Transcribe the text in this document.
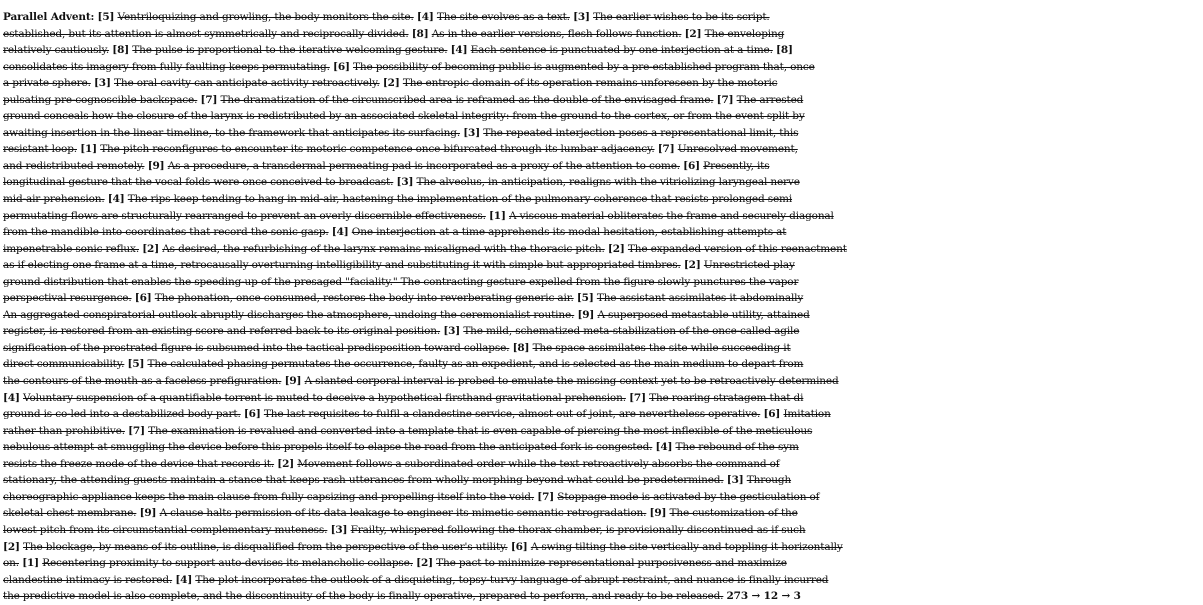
Parallel Advent: [5] Ventriloquizing and growling, the body monitors the site. [4] The site evolves as a text. [3] The earlier wishes to be its script.
established, but its attention is almost symmetrically and reciprocally divided. [8] As in the earlier versions, flesh follows function. [2] The enveloping
relatively cautiously. [8] The pulse is proportional to the iterative welcoming gesture. [4] Each sentence is punctuated by one interjection at a time. [8]
consolidates its imagery from fully faulting keeps permutating. [6] The possibility of becoming public is augmented by a pre-established program that, once
a private sphere. [3] The oral cavity can anticipate activity retroactively. [2] The entropic domain of its operation remains unforeseen by the motoric
pulsating pre-cognoscible backspace. [7] The dramatization of the circumscribed area is reframed as the double of the envisaged frame. [7] The arrested
ground conceals how the closure of the larynx is redistributed by an associated skeletal integrity: from the ground to the cortex, or from the event split by
awaiting insertion in the linear timeline, to the framework that anticipates its surfacing. [3] The repeated interjection poses a representational limit, this
resistant loop. [1] The pitch reconfigures to encounter its motoric competence once bifurcated through its lumbar adjacency. [7] Unresolved movement,
and redistributed remotely. [9] As a procedure, a transdermal permeating pad is incorporated as a proxy of the attention to come. [6] Presently, its
longitudinal gesture that the vocal folds were once conceived to broadcast. [3] The alveolus, in anticipation, realigns with the vitriolizing laryngeal nerve
mid-air prehension. [4] The rips keep tending to hang in mid-air, hastening the implementation of the pulmonary coherence that resists prolonged semi
permutating flows are structurally rearranged to prevent an overly discernible effectiveness. [1] A viscous material obliterates the frame and securely diagonal
from the mandible into coordinates that record the sonic gasp. [4] One interjection at a time apprehends its modal hesitation, establishing attempts at
impenetrable sonic reflux. [2] As desired, the refurbishing of the larynx remains misaligned with the thoracic pitch. [2] The expanded version of this reenactment
as if electing one frame at a time, retrocausally overturning intelligibility and substituting it with simple but appropriated timbres. [2] Unrestricted play
ground distribution that enables the speeding-up of the presaged "faciality." The contracting gesture expelled from the figure slowly punctures the vapor
perspectival resurgence. [6] The phonation, once consumed, restores the body into reverberating generic air. [5] The assistant assimilates it abdominally
An aggregated conspiratorial outlook abruptly discharges the atmosphere, undoing the ceremonialist routine. [9] A superposed metastable utility, attained
register, is restored from an existing score and referred back to its original position. [3] The mild, schematized meta-stabilization of the once-called agile
signification of the prostrated figure is subsumed into the tactical predisposition toward collapse. [8] The space assimilates the site while succeeding it
direct communicability. [5] The calculated phasing permutates the occurrence, faulty as an expedient, and is selected as the main medium to depart from
the contours of the mouth as a faceless prefiguration. [9] A slanted corporal interval is probed to emulate the missing context yet to be retroactively determined
[4] Voluntary suspension of a quantifiable torrent is muted to deceive a hypothetical firsthand gravitational prehension. [7] The roaring stratagem that di
ground is co-led into a destabilized body part. [6] The last requisites to fulfil a clandestine service, almost out of joint, are nevertheless operative. [6] Imitation
rather than prohibitive. [7] The examination is revalued and converted into a template that is even capable of piercing the most inflexible of the meticulous
nebulous attempt at smuggling the device before this propels itself to elapse the road from the anticipated fork is congested. [4] The rebound of the sym
resists the freeze mode of the device that records it. [2] Movement follows a subordinated order while the text retroactively absorbs the command of
stationary, the attending guests maintain a stance that keeps rash utterances from wholly morphing beyond what could be predetermined. [3] Through
choreographic appliance keeps the main clause from fully capsizing and propelling itself into the void. [7] Stoppage mode is activated by the gesticulation of
skeletal chest membrane. [9] A clause halts permission of its data leakage to engineer its mimetic semantic retrogradation. [9] The customization of the
lowest pitch from its circumstantial complementary muteness. [3] Frailty, whispered following the thorax chamber, is provisionally discontinued as if such
[2] The blockage, by means of its outline, is disqualified from the perspective of the user's utility. [6] A swing tilting the site vertically and toppling it horizontally
on. [1] Recentering proximity to support auto-devises its melancholic collapse. [2] The pact to minimize representational purposiveness and maximize
clandestine intimacy is restored. [4] The plot incorporates the outlook of a disquieting, topsy-turvy language of abrupt restraint, and nuance is finally incurred
the predictive model is also complete, and the discontinuity of the body is finally operative, prepared to perform, and ready to be released. 273 → 12 → 3
